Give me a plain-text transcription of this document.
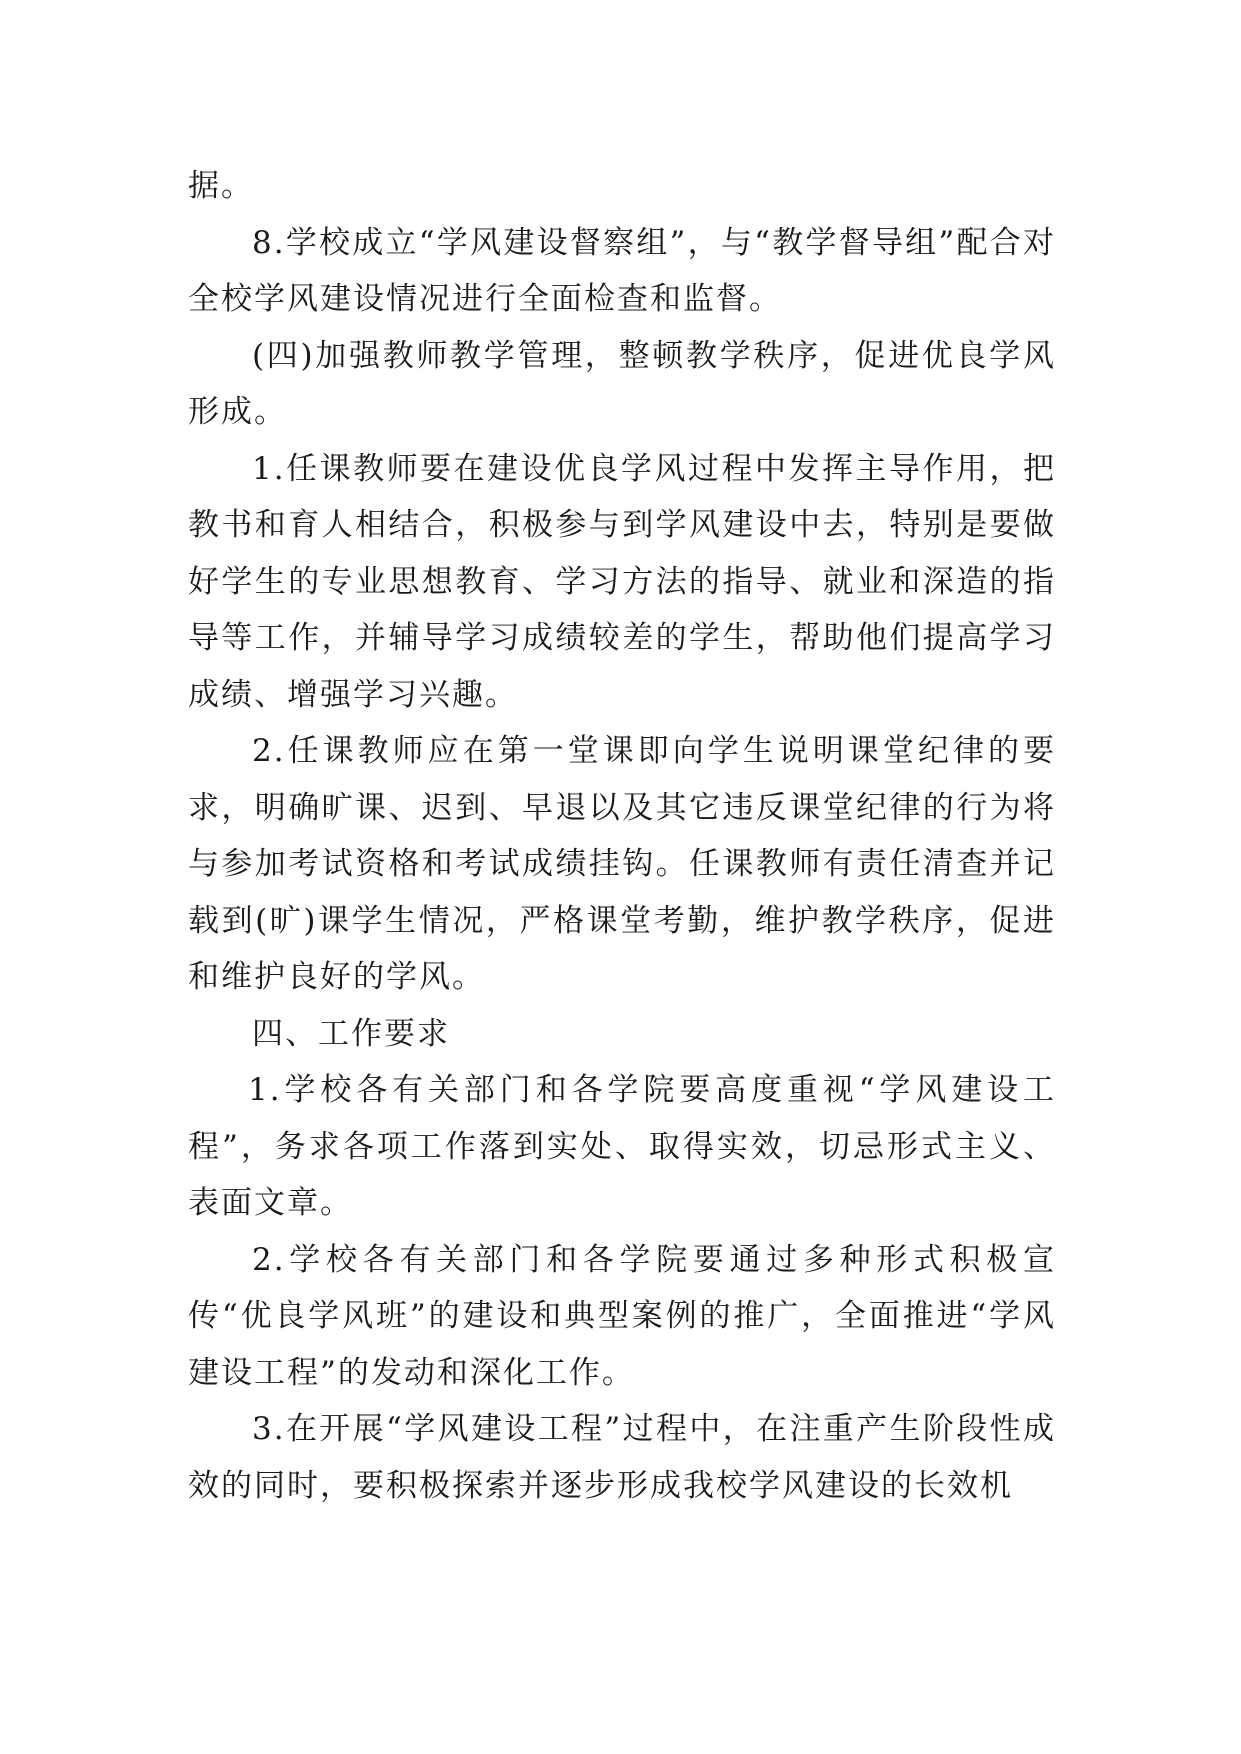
据。

8.学校成立“学风建设督察组”，与“教学督导组”配合对全校学风建设情况进行全面检查和监督。

(四)加强教师教学管理，整顿教学秩序，促进优良学风形成。

1.任课教师要在建设优良学风过程中发挥主导作用，把教书和育人相结合，积极参与到学风建设中去，特别是要做好学生的专业思想教育、学习方法的指导、就业和深造的指导等工作，并辅导学习成绩较差的学生，帮助他们提高学习成绩、增强学习兴趣。

2.任课教师应在第一堂课即向学生说明课堂纪律的要求，明确旷课、迟到、早退以及其它违反课堂纪律的行为将与参加考试资格和考试成绩挂钩。任课教师有责任清查并记载到(旷)课学生情况，严格课堂考勤，维护教学秩序，促进和维护良好的学风。

四、工作要求

1.学校各有关部门和各学院要高度重视“学风建设工程”，务求各项工作落到实处、取得实效，切忌形式主义、表面文章。

2.学校各有关部门和各学院要通过多种形式积极宣传“优良学风班”的建设和典型案例的推广，全面推进“学风建设工程”的发动和深化工作。

3.在开展“学风建设工程”过程中，在注重产生阶段性成效的同时，要积极探索并逐步形成我校学风建设的长效机
